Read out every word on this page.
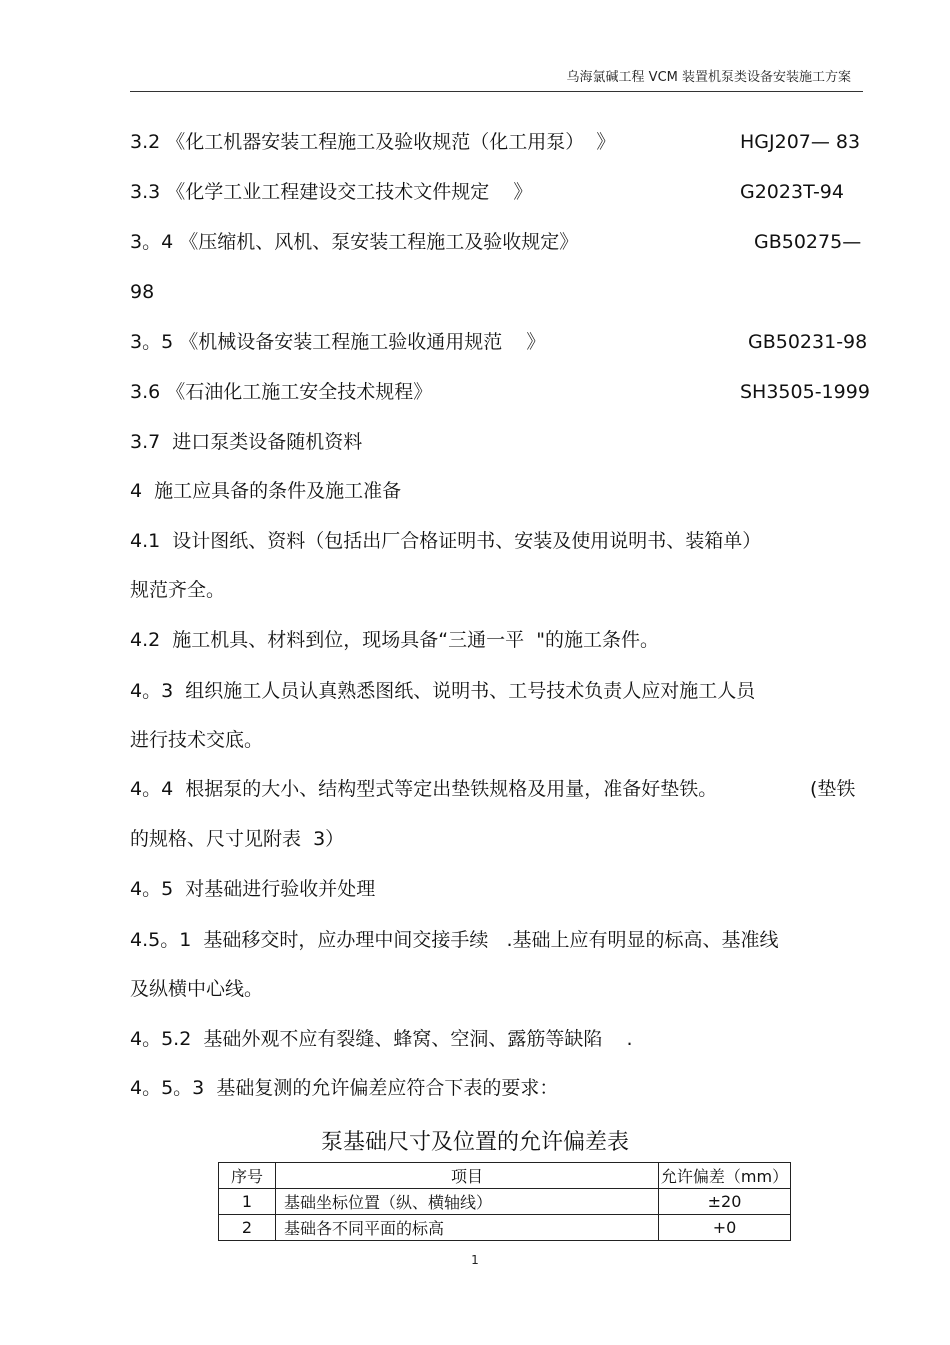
乌海氯碱工程 VCM 装置机泵类设备安装施工方案
3.2 《化工机器安装工程施工及验收规范（化工用泵）  》	HGJ207— 83
3.3 《化学工业工程建设交工技术文件规定    》	G2023T-94
3。4 《压缩机、风机、泵安装工程施工及验收规定》	GB50275—
98
3。5 《机械设备安装工程施工验收通用规范    》	GB50231-98
3.6 《石油化工施工安全技术规程》	SH3505-1999
3.7  进口泵类设备随机资料
4  施工应具备的条件及施工准备
4.1  设计图纸、资料（包括出厂合格证明书、安装及使用说明书、装箱单）
规范齐全。
4.2  施工机具、材料到位，现场具备“三通一平  "的施工条件。
4。3  组织施工人员认真熟悉图纸、说明书、工号技术负责人应对施工人员
进行技术交底。
4。4  根据泵的大小、结构型式等定出垫铁规格及用量，准备好垫铁。	(垫铁
的规格、尺寸见附表  3）
4。5  对基础进行验收并处理
4.5。1  基础移交时，应办理中间交接手续   .基础上应有明显的标高、基准线
及纵横中心线。
4。5.2  基础外观不应有裂缝、蜂窝、空洞、露筋等缺陷    .
4。5。3  基础复测的允许偏差应符合下表的要求：
泵基础尺寸及位置的允许偏差表
序号	项目	允许偏差（mm）
1	基础坐标位置（纵、横轴线）	±20
2	基础各不同平面的标高	+0
1
